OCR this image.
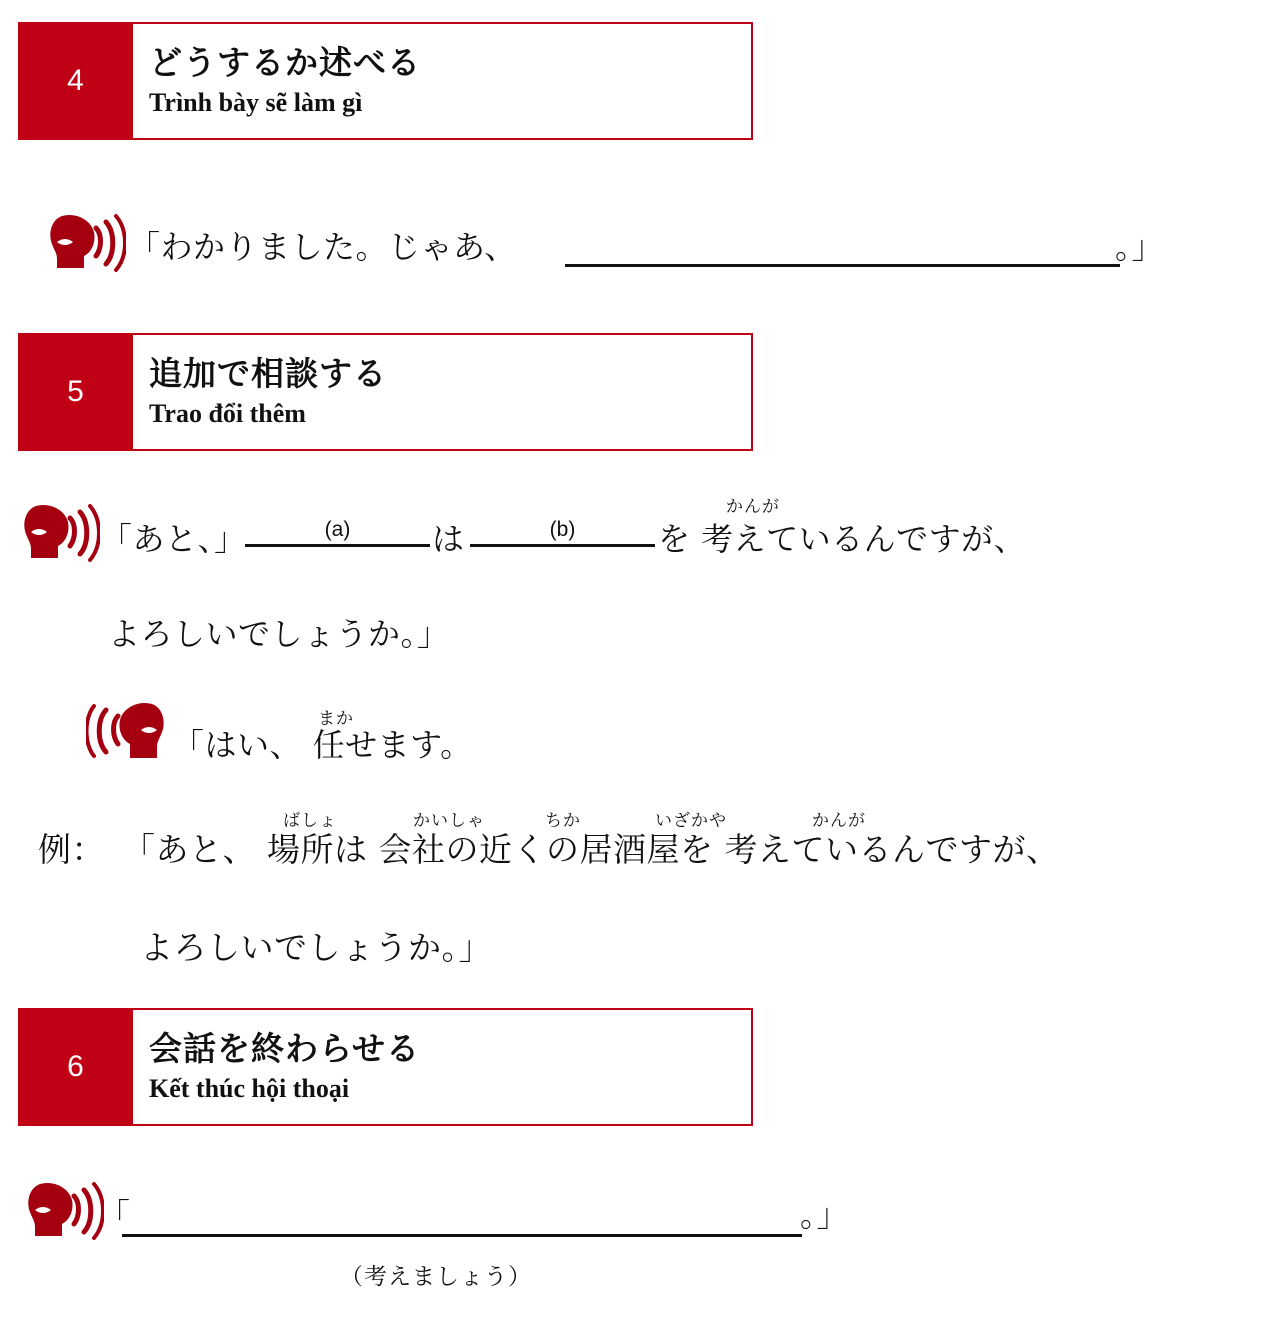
4	どうするか述べる
Trình bày sẽ làm gì
「わかりました。じゃあ、	。」
5	追加で相談する
Trao đổi thêm
かんが
「あと、」	(a)	は	(b)	を 考えているんですが、
よろしいでしょうか。」
まか
「はい、 任せます。
ばしょ	かいしゃ	ちか	いざかや	かんが
例： 「あと、 場所は 会社の近くの居酒屋を 考えているんですが、
よろしいでしょうか。」
6	会話を終わらせる
Kết thúc hội thoại
「	。」
（考えましょう）
